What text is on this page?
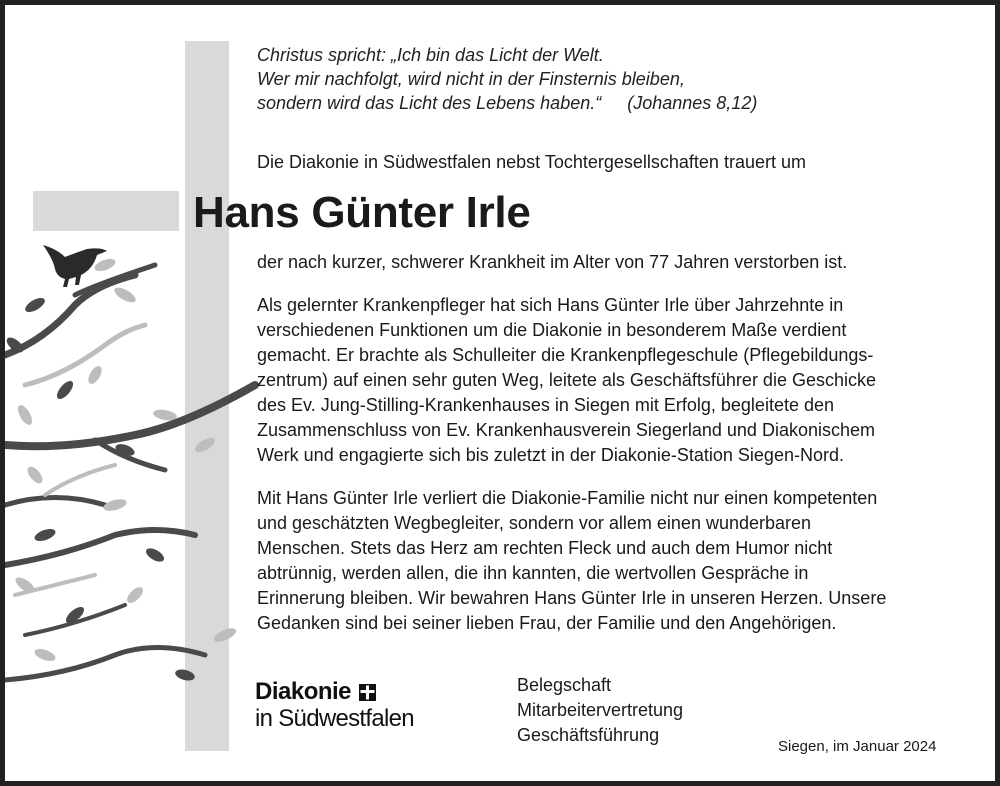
Christus spricht: „Ich bin das Licht der Welt.
Wer mir nachfolgt, wird nicht in der Finsternis bleiben,
sondern wird das Licht des Lebens haben.“ (Johannes 8,12)
Die Diakonie in Südwestfalen nebst Tochtergesellschaften trauert um
Hans Günter Irle

der nach kurzer, schwerer Krankheit im Alter von 77 Jahren verstorben ist.

Als gelernter Krankenpfleger hat sich Hans Günter Irle über Jahrzehnte in
verschiedenen Funktionen um die Diakonie in besonderem Maße verdient
gemacht. Er brachte als Schulleiter die Krankenpflegeschule (Pflegebildungs-
zentrum) auf einen sehr guten Weg, leitete als Geschäftsführer die Geschicke
des Ev. Jung-Stilling-Krankenhauses in Siegen mit Erfolg, begleitete den
Zusammenschluss von Ev. Krankenhausverein Siegerland und Diakonischem
Werk und engagierte sich bis zuletzt in der Diakonie-Station Siegen-Nord.

Mit Hans Günter Irle verliert die Diakonie-Familie nicht nur einen kompetenten
und geschätzten Wegbegleiter, sondern vor allem einen wunderbaren
Menschen. Stets das Herz am rechten Fleck und auch dem Humor nicht
abtrünnig, werden allen, die ihn kannten, die wertvollen Gespräche in
Erinnerung bleiben. Wir bewahren Hans Günter Irle in unseren Herzen. Unsere
Gedanken sind bei seiner lieben Frau, der Familie und den Angehörigen.

Diakonie
in Südwestfalen
Belegschaft
Mitarbeitervertretung
Geschäftsführung
Siegen, im Januar 2024
